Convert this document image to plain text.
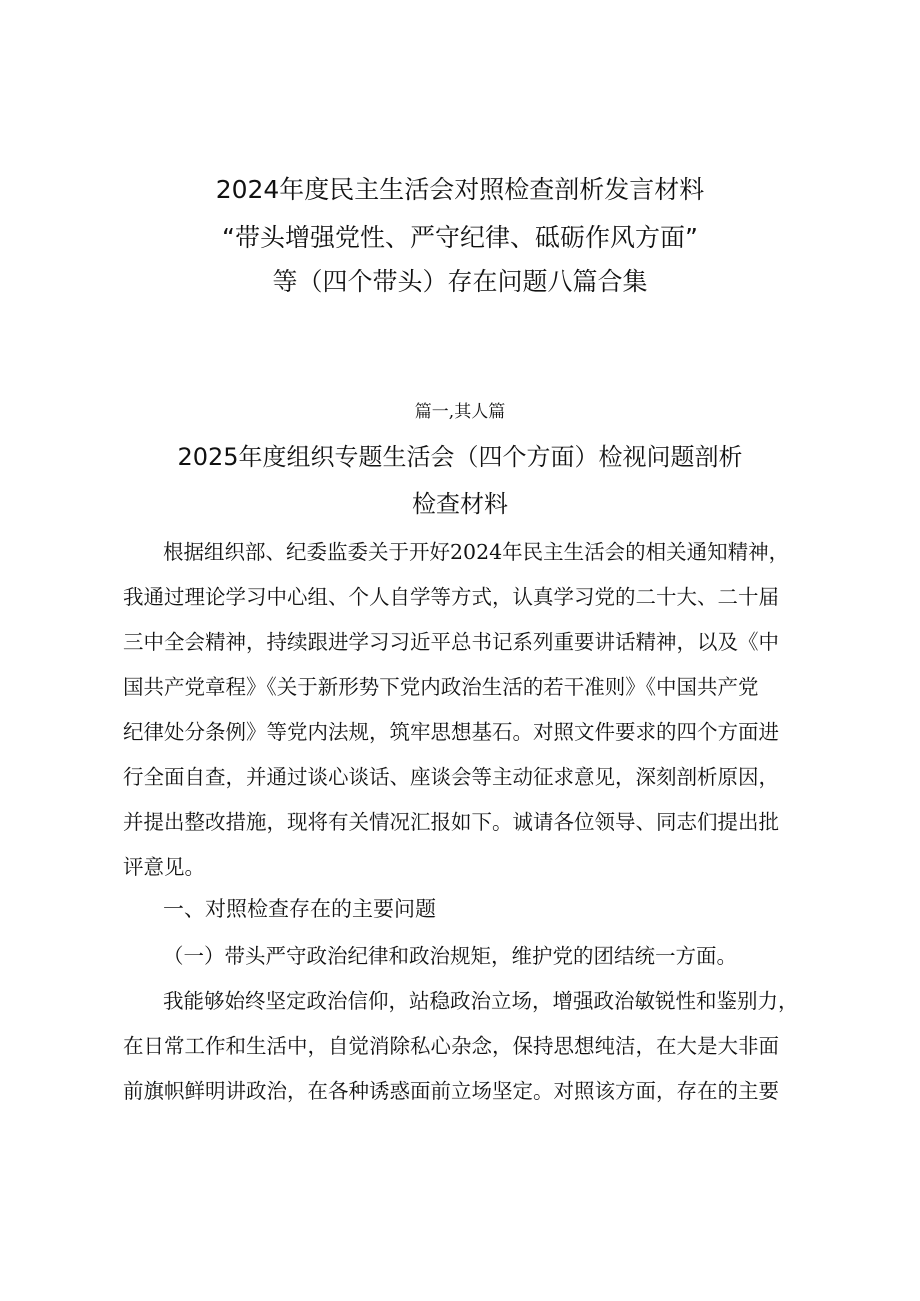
2024年度民主生活会对照检查剖析发言材料
“带头增强党性、严守纪律、砥砺作风方面”
等（四个带头）存在问题八篇合集
篇一,其人篇
2025年度组织专题生活会（四个方面）检视问题剖析
检查材料
根据组织部、纪委监委关于开好2024年民主生活会的相关通知精神，
我通过理论学习中心组、个人自学等方式，认真学习党的二十大、二十届
三中全会精神，持续跟进学习习近平总书记系列重要讲话精神，以及《中
国共产党章程》《关于新形势下党内政治生活的若干准则》《中国共产党
纪律处分条例》等党内法规，筑牢思想基石。对照文件要求的四个方面进
行全面自查，并通过谈心谈话、座谈会等主动征求意见，深刻剖析原因，
并提出整改措施，现将有关情况汇报如下。诚请各位领导、同志们提出批
评意见。
一、对照检查存在的主要问题
（一）带头严守政治纪律和政治规矩，维护党的团结统一方面。
我能够始终坚定政治信仰，站稳政治立场，增强政治敏锐性和鉴别力，
在日常工作和生活中，自觉消除私心杂念，保持思想纯洁，在大是大非面
前旗帜鲜明讲政治，在各种诱惑面前立场坚定。对照该方面，存在的主要
